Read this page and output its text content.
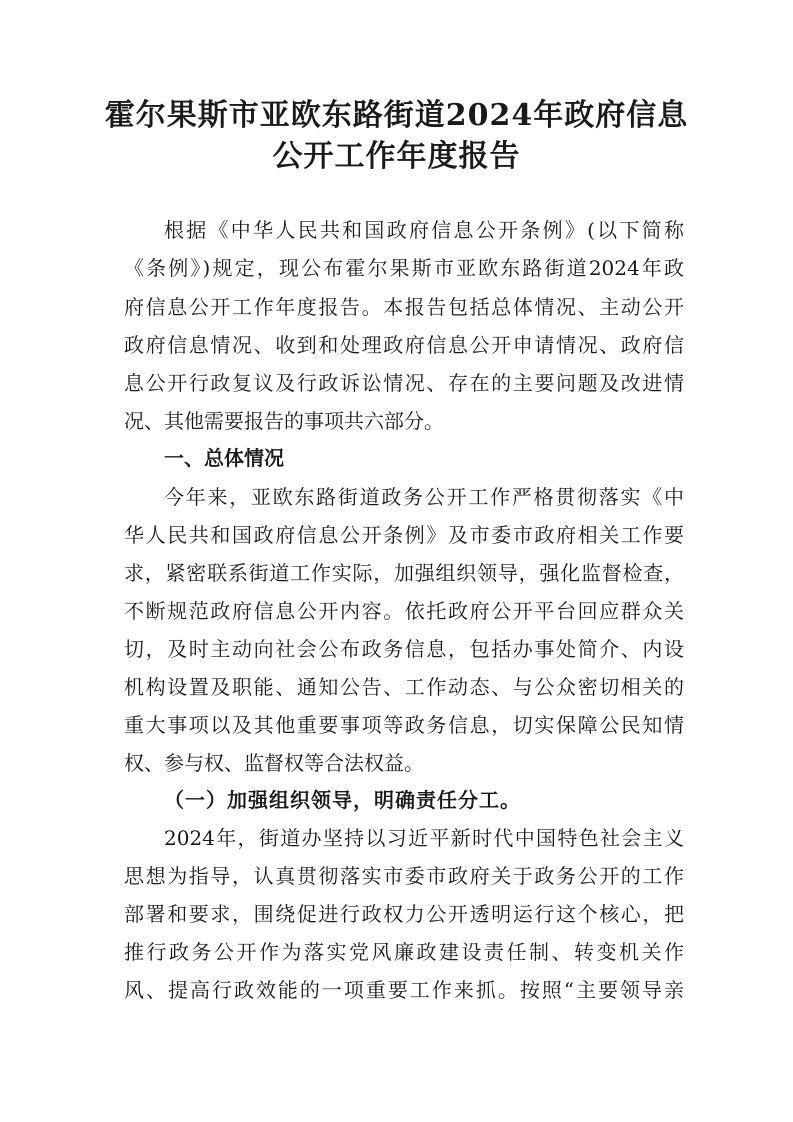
霍尔果斯市亚欧东路街道2024年政府信息
公开工作年度报告
根据《中华人民共和国政府信息公开条例》(以下简称
《条例》)规定，现公布霍尔果斯市亚欧东路街道2024年政
府信息公开工作年度报告。本报告包括总体情况、主动公开
政府信息情况、收到和处理政府信息公开申请情况、政府信
息公开行政复议及行政诉讼情况、存在的主要问题及改进情
况、其他需要报告的事项共六部分。
一、总体情况
今年来，亚欧东路街道政务公开工作严格贯彻落实《中
华人民共和国政府信息公开条例》及市委市政府相关工作要
求，紧密联系街道工作实际，加强组织领导，强化监督检查，
不断规范政府信息公开内容。依托政府公开平台回应群众关
切，及时主动向社会公布政务信息，包括办事处简介、内设
机构设置及职能、通知公告、工作动态、与公众密切相关的
重大事项以及其他重要事项等政务信息，切实保障公民知情
权、参与权、监督权等合法权益。
（一）加强组织领导，明确责任分工。
2024年，街道办坚持以习近平新时代中国特色社会主义
思想为指导，认真贯彻落实市委市政府关于政务公开的工作
部署和要求，围绕促进行政权力公开透明运行这个核心，把
推行政务公开作为落实党风廉政建设责任制、转变机关作
风、提高行政效能的一项重要工作来抓。按照“主要领导亲
